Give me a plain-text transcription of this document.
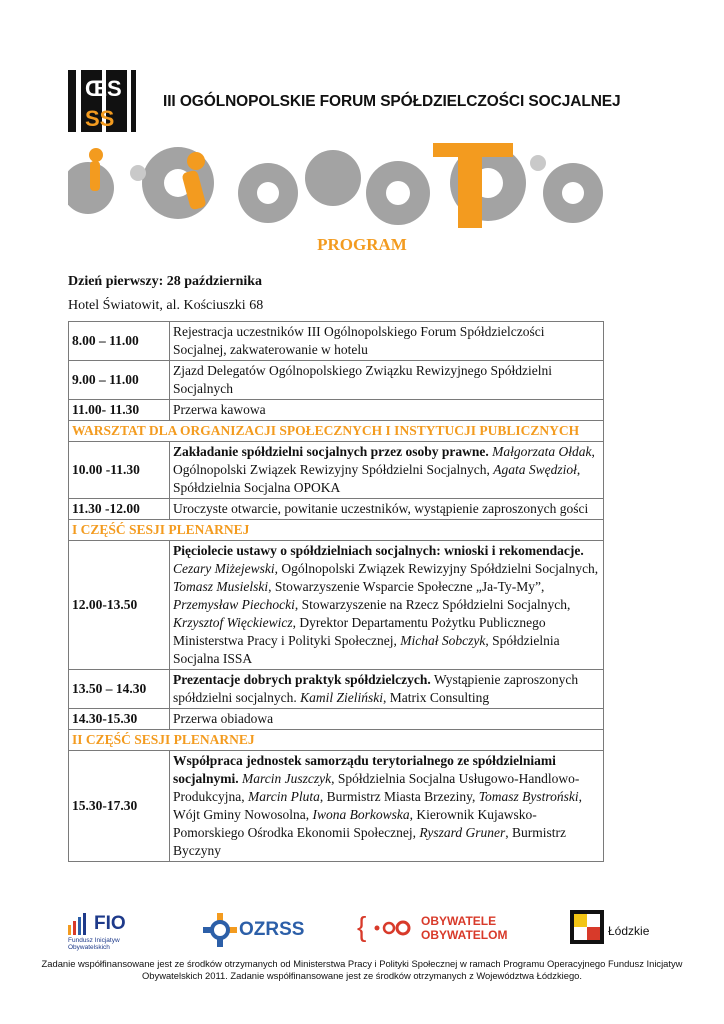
ŒS
SS
III OGÓLNOPOLSKIE FORUM SPÓŁDZIELCZOŚCI SOCJALNEJ
PROGRAM
Dzień pierwszy: 28 października
Hotel Światowit, al. Kościuszki 68
8.00 – 11.00	Rejestracja uczestników III Ogólnopolskiego Forum Spółdzielczości Socjalnej, zakwaterowanie w hotelu
9.00 – 11.00	Zjazd Delegatów Ogólnopolskiego Związku Rewizyjnego Spółdzielni Socjalnych
11.00- 11.30	Przerwa kawowa
WARSZTAT DLA ORGANIZACJI SPOŁECZNYCH I INSTYTUCJI PUBLICZNYCH	
10.00 -11.30	Zakładanie spółdzielni socjalnych przez osoby prawne. Małgorzata Ołdak, Ogólnopolski Związek Rewizyjny Spółdzielni Socjalnych, Agata Swędzioł, Spółdzielnia Socjalna OPOKA
11.30 -12.00	Uroczyste otwarcie, powitanie uczestników, wystąpienie zaproszonych gości
I CZĘŚĆ SESJI PLENARNEJ	
12.00-13.50	Pięciolecie ustawy o spółdzielniach socjalnych: wnioski i rekomendacje. Cezary Miżejewski, Ogólnopolski Związek Rewizyjny Spółdzielni Socjalnych, Tomasz Musielski, Stowarzyszenie Wsparcie Społeczne „Ja-Ty-My”, Przemysław Piechocki, Stowarzyszenie na Rzecz Spółdzielni Socjalnych, Krzysztof Więckiewicz, Dyrektor Departamentu Pożytku Publicznego Ministerstwa Pracy i Polityki Społecznej, Michał Sobczyk, Spółdzielnia Socjalna ISSA
13.50 – 14.30	Prezentacje dobrych praktyk spółdzielczych. Wystąpienie zaproszonych spółdzielni socjalnych. Kamil Zieliński, Matrix Consulting
14.30-15.30	Przerwa obiadowa
II CZĘŚĆ SESJI PLENARNEJ	
15.30-17.30	Współpraca jednostek samorządu terytorialnego ze spółdzielniami socjalnymi. Marcin Juszczyk, Spółdzielnia Socjalna Usługowo-Handlowo-Produkcyjna, Marcin Pluta, Burmistrz Miasta Brzeziny, Tomasz Bystroński, Wójt Gminy Nowosolna, Iwona Borkowska, Kierownik Kujawsko- Pomorskiego Ośrodka Ekonomii Społecznej, Ryszard Gruner, Burmistrz Byczyny
FIO
Fundusz Inicjatyw Obywatelskich
OZRSS {	OBYWATELE
OBYWATELOM	Łódzkie
Zadanie współfinansowane jest ze środków otrzymanych od Ministerstwa Pracy i Polityki Społecznej w ramach Programu Operacyjnego Fundusz Inicjatyw Obywatelskich 2011. Zadanie współfinansowane jest ze środków otrzymanych z Województwa Łódzkiego.
